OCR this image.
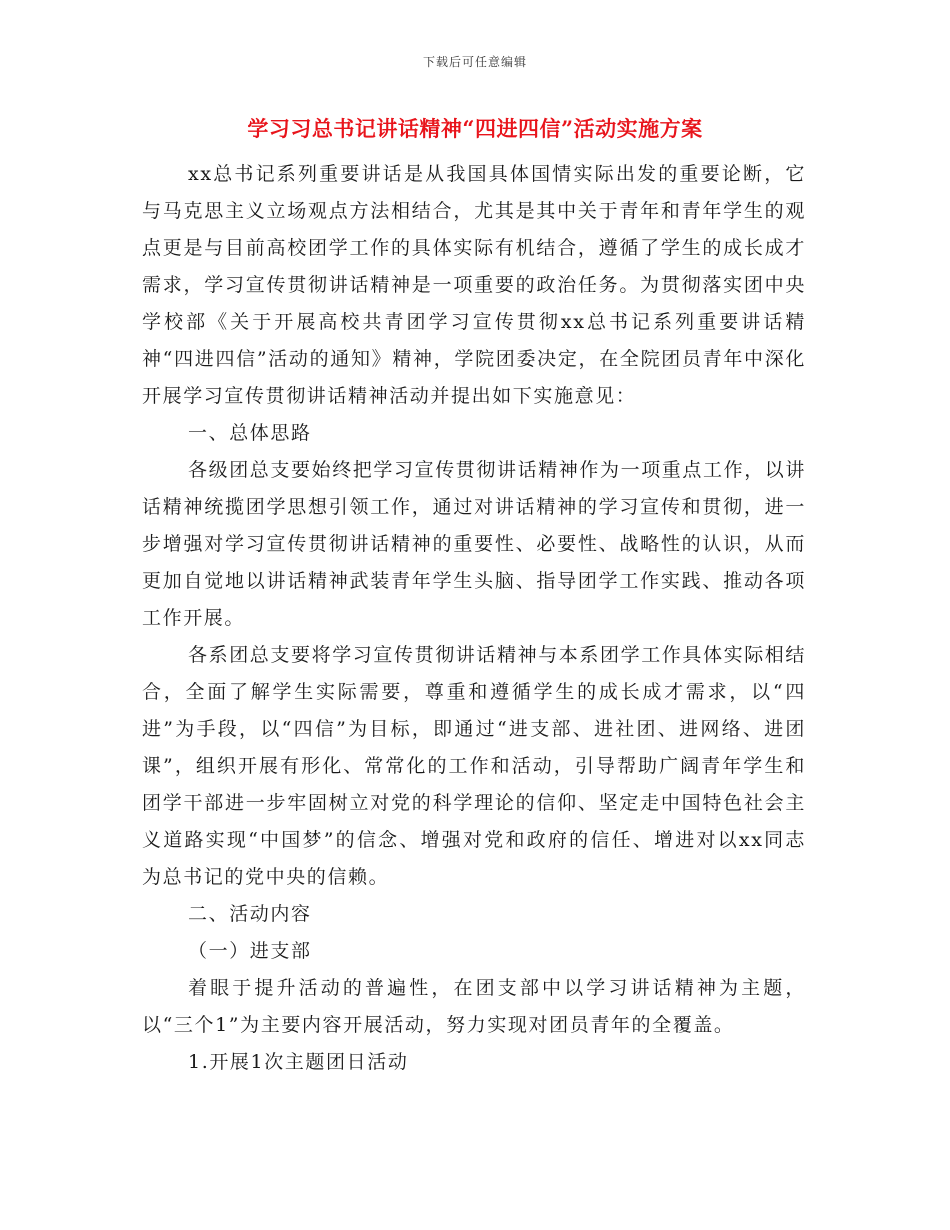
下载后可任意编辑
学习习总书记讲话精神“四进四信”活动实施方案

xx总书记系列重要讲话是从我国具体国情实际出发的重要论断，它与马克思主义立场观点方法相结合，尤其是其中关于青年和青年学生的观点更是与目前高校团学工作的具体实际有机结合，遵循了学生的成长成才需求，学习宣传贯彻讲话精神是一项重要的政治任务。为贯彻落实团中央学校部《关于开展高校共青团学习宣传贯彻xx总书记系列重要讲话精神“四进四信”活动的通知》精神，学院团委决定，在全院团员青年中深化开展学习宣传贯彻讲话精神活动并提出如下实施意见：

一、总体思路

各级团总支要始终把学习宣传贯彻讲话精神作为一项重点工作，以讲话精神统揽团学思想引领工作，通过对讲话精神的学习宣传和贯彻，进一步增强对学习宣传贯彻讲话精神的重要性、必要性、战略性的认识，从而更加自觉地以讲话精神武装青年学生头脑、指导团学工作实践、推动各项工作开展。

各系团总支要将学习宣传贯彻讲话精神与本系团学工作具体实际相结合，全面了解学生实际需要，尊重和遵循学生的成长成才需求，以“四进”为手段，以“四信”为目标，即通过“进支部、进社团、进网络、进团课”，组织开展有形化、常常化的工作和活动，引导帮助广阔青年学生和团学干部进一步牢固树立对党的科学理论的信仰、坚定走中国特色社会主义道路实现“中国梦”的信念、增强对党和政府的信任、增进对以xx同志为总书记的党中央的信赖。

二、活动内容

（一）进支部

着眼于提升活动的普遍性，在团支部中以学习讲话精神为主题，以“三个1”为主要内容开展活动，努力实现对团员青年的全覆盖。

1.开展1次主题团日活动
